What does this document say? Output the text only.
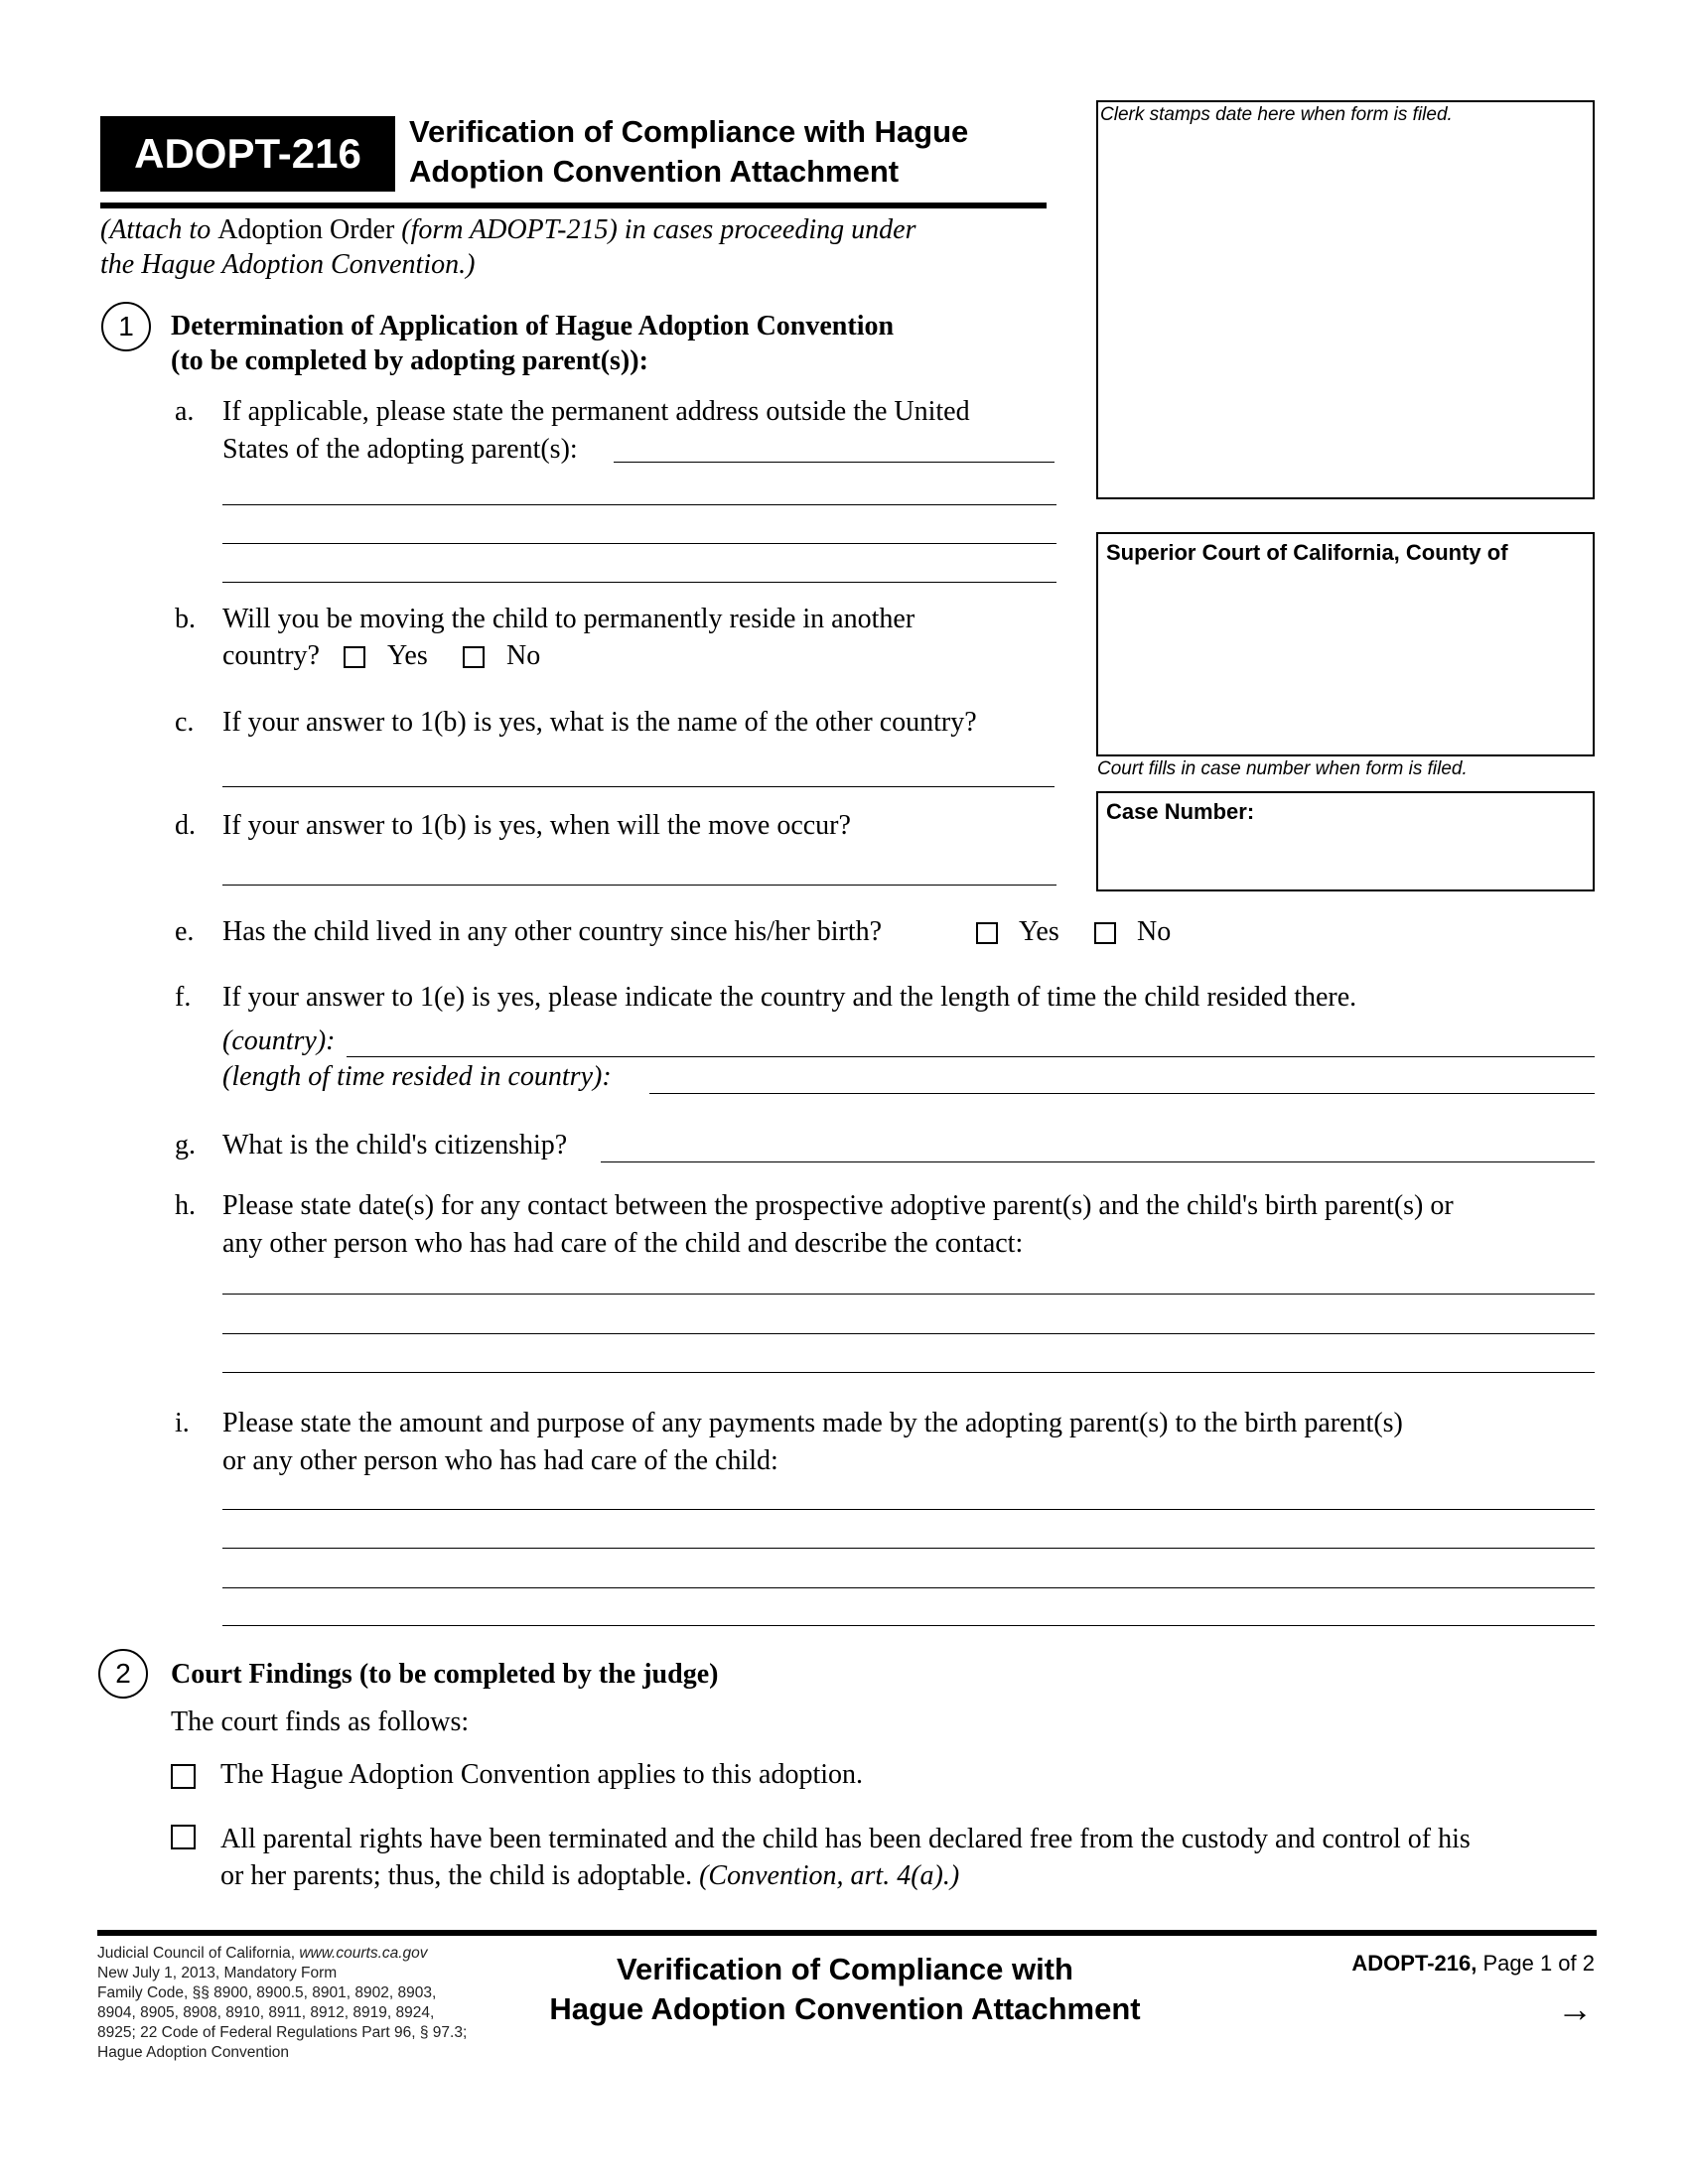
ADOPT-216	Verification of Compliance with Hague
Adoption Convention Attachment
(Attach to Adoption Order (form ADOPT-215) in cases proceeding under
the Hague Adoption Convention.)
Clerk stamps date here when form is filed.
Superior Court of California, County of
Court fills in case number when form is filed.
Case Number:
1	Determination of Application of Hague Adoption Convention
(to be completed by adopting parent(s)):
a. If applicable, please state the permanent address outside the United
States of the adopting parent(s):
b. Will you be moving the child to permanently reside in another
country? Yes	No
c. If your answer to 1(b) is yes, what is the name of the other country?
d. If your answer to 1(b) is yes, when will the move occur?
e. Has the child lived in any other country since his/her birth?	Yes	No
f. If your answer to 1(e) is yes, please indicate the country and the length of time the child resided there.
(country):
(length of time resided in country):
g. What is the child's citizenship?
h. Please state date(s) for any contact between the prospective adoptive parent(s) and the child's birth parent(s) or
any other person who has had care of the child and describe the contact:
i. Please state the amount and purpose of any payments made by the adopting parent(s) to the birth parent(s)
or any other person who has had care of the child:
2	Court Findings (to be completed by the judge)
The court finds as follows:
The Hague Adoption Convention applies to this adoption.
All parental rights have been terminated and the child has been declared free from the custody and control of his
or her parents; thus, the child is adoptable. (Convention, art. 4(a).)
Judicial Council of California, www.courts.ca.gov
New July 1, 2013, Mandatory Form
Family Code, §§ 8900, 8900.5, 8901, 8902, 8903,
8904, 8905, 8908, 8910, 8911, 8912, 8919, 8924,
8925; 22 Code of Federal Regulations Part 96, § 97.3;
Hague Adoption Convention
Verification of Compliance with
Hague Adoption Convention Attachment
ADOPT-216, Page 1 of 2
→
